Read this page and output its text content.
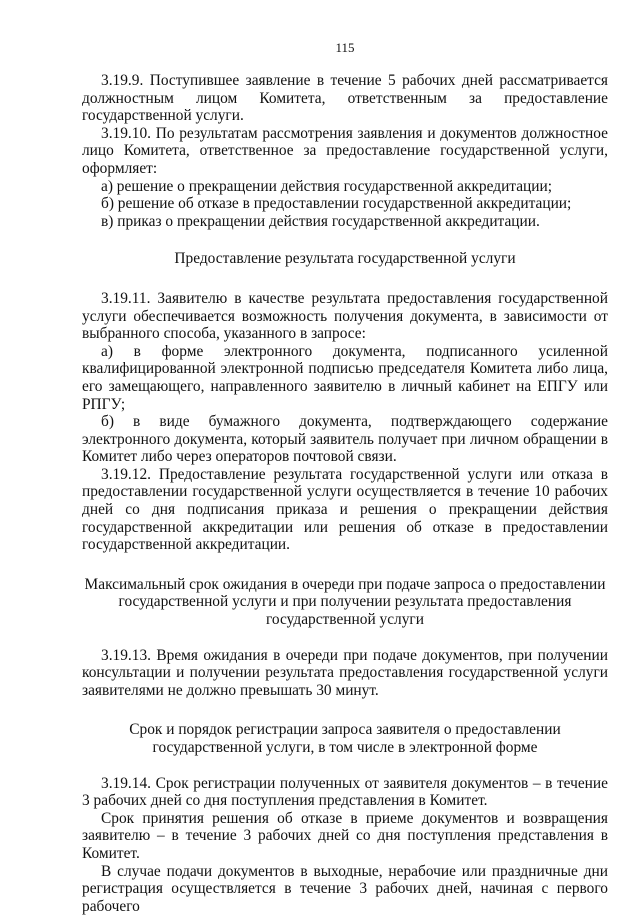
115

3.19.9. Поступившее заявление в течение 5 рабочих дней рассматривается должностным лицом Комитета, ответственным за предоставление государственной услуги.

3.19.10. По результатам рассмотрения заявления и документов должностное лицо Комитета, ответственное за предоставление государственной услуги, оформляет:

а) решение о прекращении действия государственной аккредитации;

б) решение об отказе в предоставлении государственной аккредитации;

в) приказ о прекращении действия государственной аккредитации.

Предоставление результата государственной услуги

3.19.11. Заявителю в качестве результата предоставления государственной услуги обеспечивается возможность получения документа, в зависимости от выбранного способа, указанного в запросе:

а) в форме электронного документа, подписанного усиленной квалифицированной электронной подписью председателя Комитета либо лица, его замещающего, направленного заявителю в личный кабинет на ЕПГУ или РПГУ;

б) в виде бумажного документа, подтверждающего содержание электронного документа, который заявитель получает при личном обращении в Комитет либо через операторов почтовой связи.

3.19.12. Предоставление результата государственной услуги или отказа в предоставлении государственной услуги осуществляется в течение 10 рабочих дней со дня подписания приказа и решения о прекращении действия государственной аккредитации или решения об отказе в предоставлении государственной аккредитации.

Максимальный срок ожидания в очереди при подаче запроса о предоставлении государственной услуги и при получении результата предоставления государственной услуги

3.19.13. Время ожидания в очереди при подаче документов, при получении консультации и получении результата предоставления государственной услуги заявителями не должно превышать 30 минут.

Срок и порядок регистрации запроса заявителя о предоставлении государственной услуги, в том числе в электронной форме

3.19.14. Срок регистрации полученных от заявителя документов – в течение 3 рабочих дней со дня поступления представления в Комитет.

Срок принятия решения об отказе в приеме документов и возвращения заявителю – в течение 3 рабочих дней со дня поступления представления в Комитет.

В случае подачи документов в выходные, нерабочие или праздничные дни регистрация осуществляется в течение 3 рабочих дней, начиная с первого рабочего
